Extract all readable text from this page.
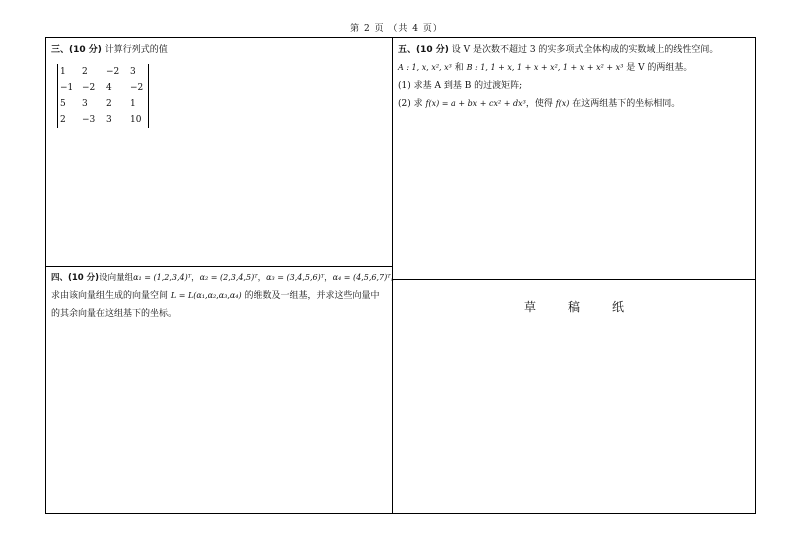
第 2 页 （共 4 页）
三、(10 分) 计算行列式的值
1	2	−2	3
−1	−2	4	−2
5	3	2	1
2	−3	3	10
四、(10 分)设向量组α₁ = (1,2,3,4)ᵀ，α₂ = (2,3,4,5)ᵀ，α₃ = (3,4,5,6)ᵀ，α₄ = (4,5,6,7)ᵀ。
求由该向量组生成的向量空间 L = L(α₁,α₂,α₃,α₄) 的维数及一组基，并求这些向量中
的其余向量在这组基下的坐标。
五、(10 分) 设 V 是次数不超过 3 的实多项式全体构成的实数域上的线性空间。
A : 1, x, x², x³ 和 B : 1, 1 + x, 1 + x + x², 1 + x + x² + x³ 是 V 的两组基。
(1) 求基 A 到基 B 的过渡矩阵;
(2) 求 f(x) = a + bx + cx² + dx³，使得 f(x) 在这两组基下的坐标相同。
草稿纸
